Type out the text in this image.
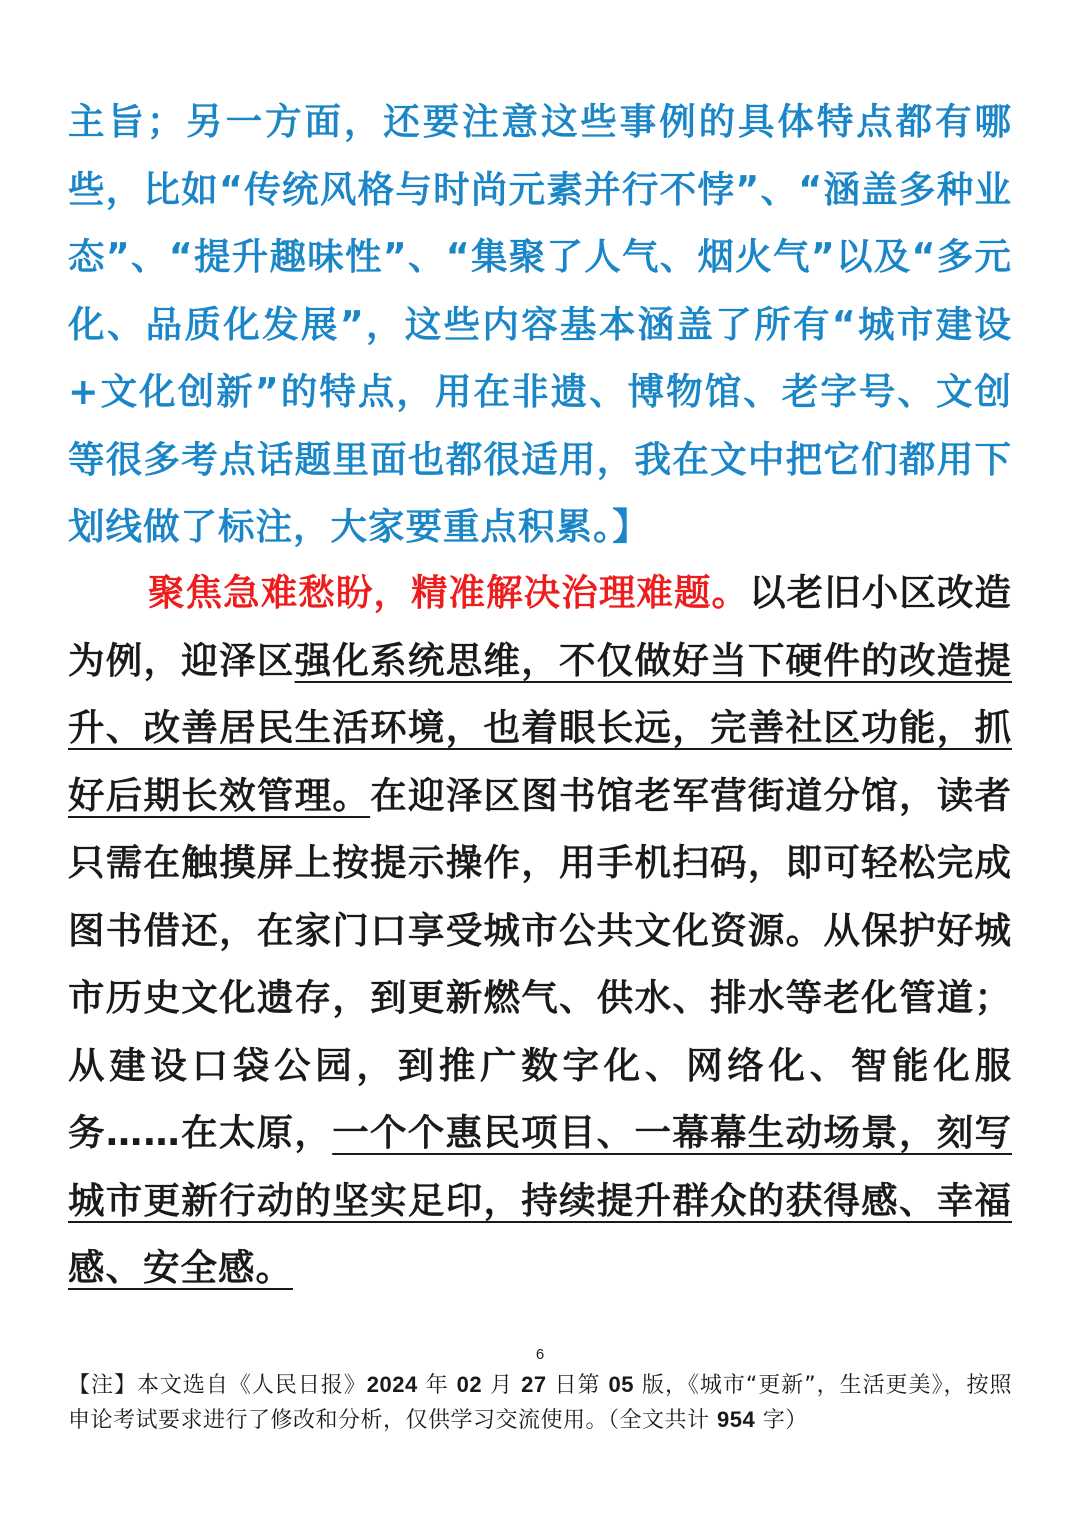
主旨；另一方面，还要注意这些事例的具体特点都有哪些，比如“传统风格与时尚元素并行不悖”、“涵盖多种业态”、“提升趣味性”、“集聚了人气、烟火气”以及“多元化、品质化发展”，这些内容基本涵盖了所有“城市建设+文化创新”的特点，用在非遗、博物馆、老字号、文创等很多考点话题里面也都很适用，我在文中把它们都用下划线做了标注，大家要重点积累。】
聚焦急难愁盼，精准解决治理难题。以老旧小区改造为例，迎泽区强化系统思维，不仅做好当下硬件的改造提升、改善居民生活环境，也着眼长远，完善社区功能，抓好后期长效管理。在迎泽区图书馆老军营街道分馆，读者只需在触摸屏上按提示操作，用手机扫码，即可轻松完成图书借还，在家门口享受城市公共文化资源。从保护好城市历史文化遗存，到更新燃气、供水、排水等老化管道；从建设口袋公园，到推广数字化、网络化、智能化服务……在太原，一个个惠民项目、一幕幕生动场景，刻写城市更新行动的坚实足印，持续提升群众的获得感、幸福感、安全感。
6
【注】本文选自《人民日报》2024 年 02 月 27 日第 05 版，《城市“更新”，生活更美》，按照申论考试要求进行了修改和分析，仅供学习交流使用。（全文共计 954 字）
